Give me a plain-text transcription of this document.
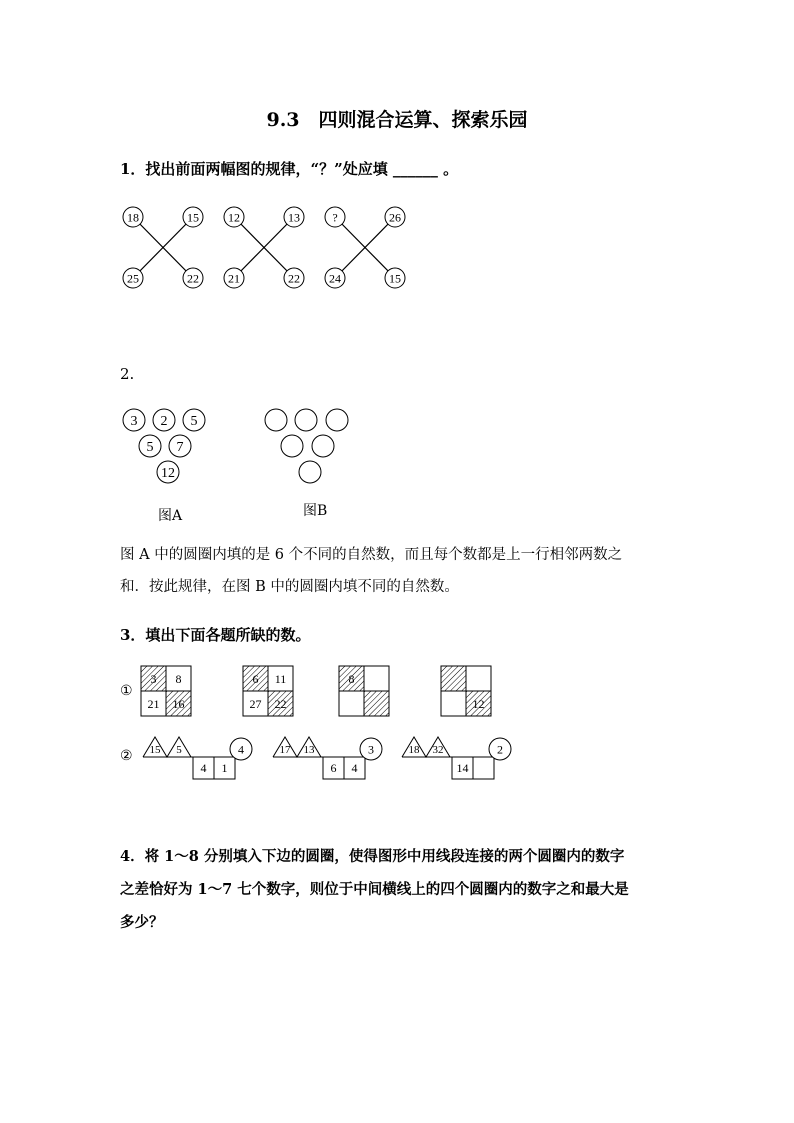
9.3　四则混合运算、探索乐园
1．找出前面两幅图的规律，“？”处应填 ______ 。
18	15
25	22
12	13
21	22
?	26
24	15
2.
3 2 5
5 7
12
图A	图B
图 A 中的圆圈内填的是 6 个不同的自然数，而且每个数都是上一行相邻两数之
和．按此规律，在图 B 中的圆圈内填不同的自然数。
3．填出下面各题所缺的数。
①
②
3 8
21 16
6 11
27 22
8
12
15 5
4 1
4	17 13
6 4
3	18 32
14
2
4．将 1～8 分别填入下边的圆圈，使得图形中用线段连接的两个圆圈内的数字
之差恰好为 1～7 七个数字，则位于中间横线上的四个圆圈内的数字之和最大是
多少？
